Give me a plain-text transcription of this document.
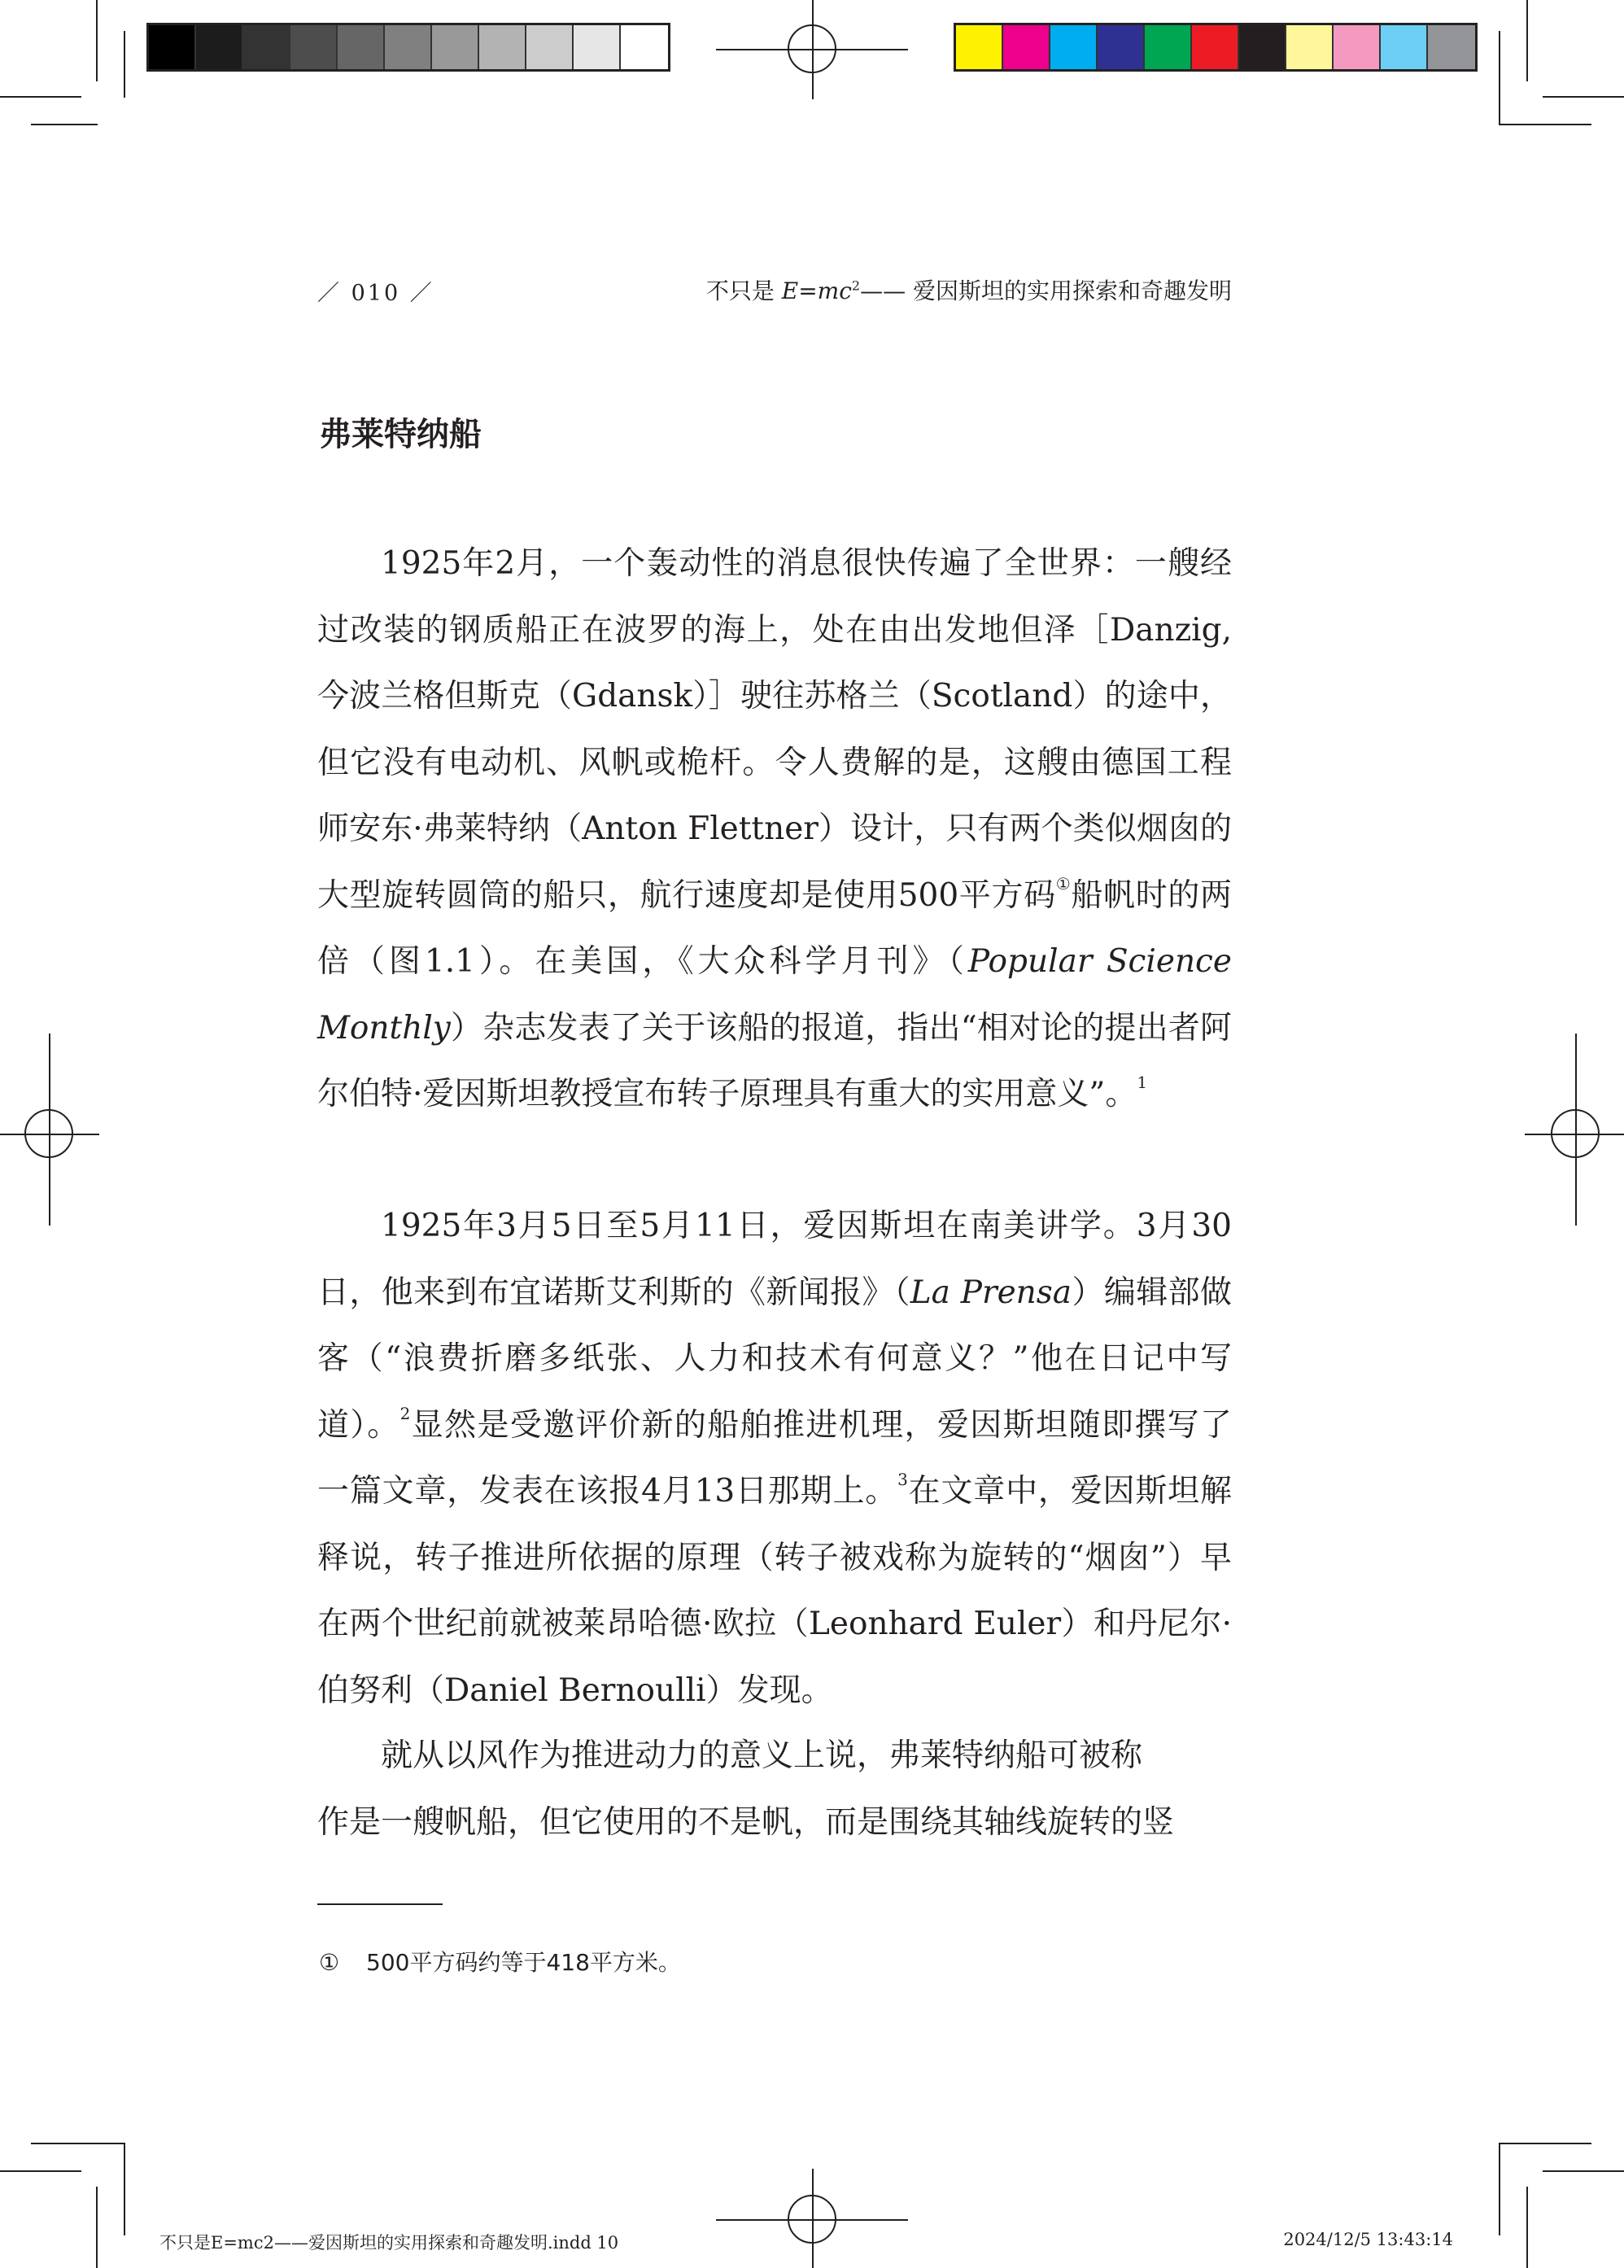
／ 010 ／	不只是 $E=mc^2——$ 爱因斯坦的实用探索和奇趣发明
弗莱特纳船

1925年2月，一个轰动性的消息很快传遍了全世界：一艘经过改装的钢质船正在波罗的海上，处在由出发地但泽［Danzig, 今波兰格但斯克（Gdansk）］驶往苏格兰（Scotland）的途中，但它没有电动机、风帆或桅杆。令人费解的是，这艘由德国工程师安东·弗莱特纳（Anton Flettner）设计，只有两个类似烟囱的大型旋转圆筒的船只，航行速度却是使用500平方码①船帆时的两倍（图1.1）。在美国，《大众科学月刊》（Popular Science Monthly）杂志发表了关于该船的报道，指出“相对论的提出者阿尔伯特·爱因斯坦教授宣布转子原理具有重大的实用意义”。$^1$

1925年3月5日至5月11日，爱因斯坦在南美讲学。3月30日，他来到布宜诺斯艾利斯的《新闻报》（La Prensa）编辑部做客（“浪费折磨多纸张、人力和技术有何意义？”他在日记中写道）。$^2$显然是受邀评价新的船舶推进机理，爱因斯坦随即撰写了一篇文章，发表在该报4月13日那期上。$^3$在文章中，爱因斯坦解释说，转子推进所依据的原理（转子被戏称为旋转的“烟囱”）早在两个世纪前就被莱昂哈德·欧拉（Leonhard Euler）和丹尼尔·伯努利（Daniel Bernoulli）发现。

就从以风作为推进动力的意义上说，弗莱特纳船可被称

作是一艘帆船，但它使用的不是帆，而是围绕其轴线旋转的竖

① 500平方码约等于418平方米。
不只是E=mc2——爱因斯坦的实用探索和奇趣发明.indd 10	2024/12/5 13:43:14
